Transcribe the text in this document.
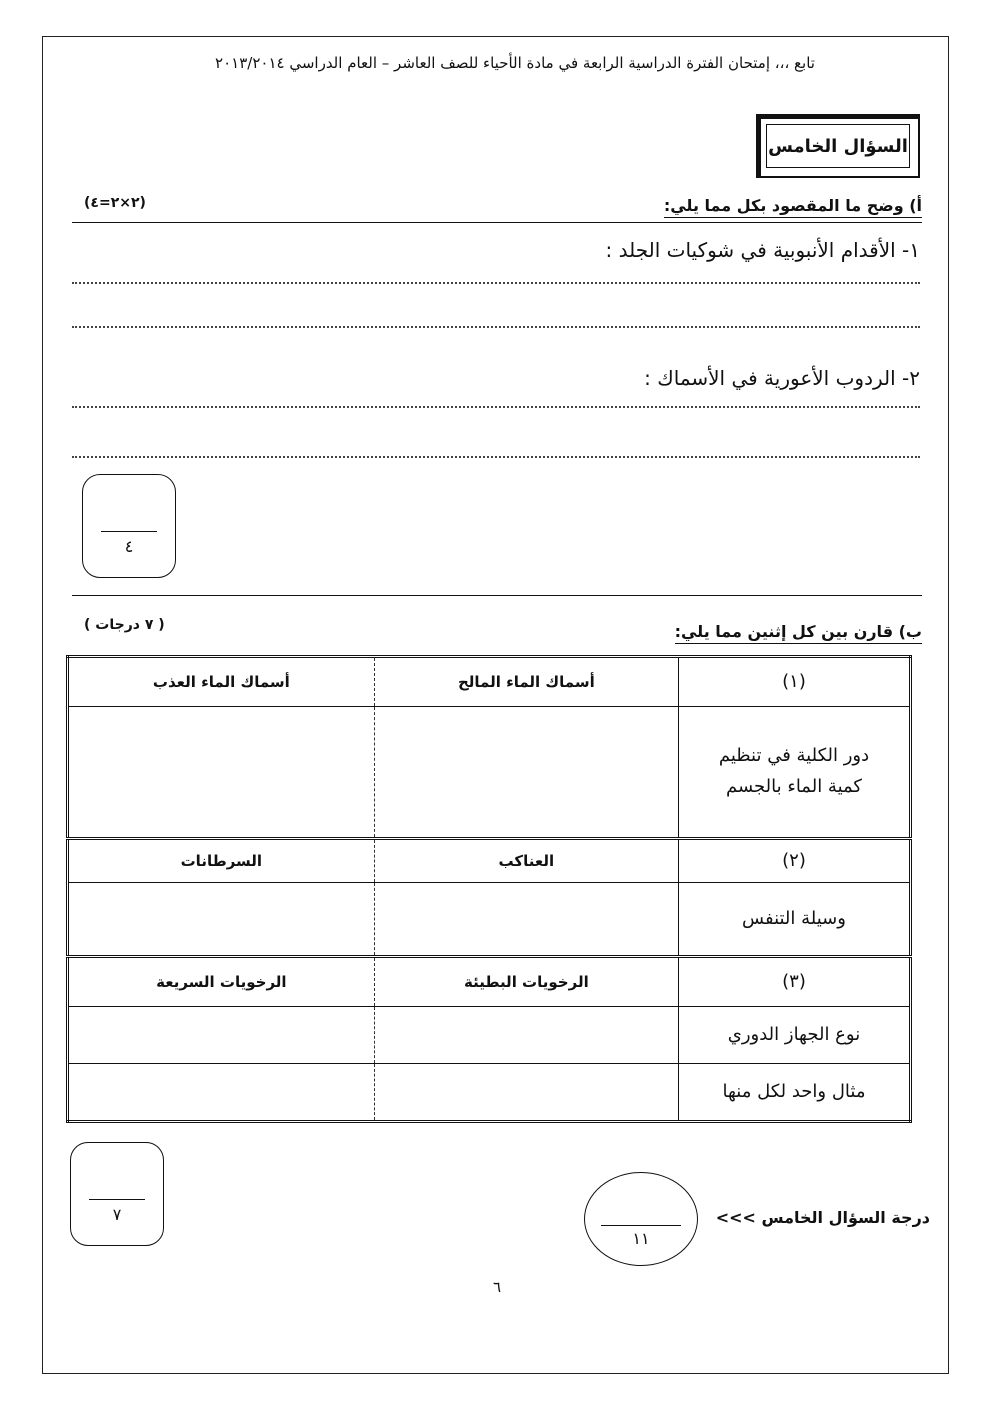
تابع ،،، إمتحان الفترة الدراسية الرابعة في مادة الأحياء للصف العاشر – العام الدراسي ٢٠١٣/٢٠١٤
السؤال الخامس
أ) وضح ما المقصود بكل مما يلي:
(٢×٢=٤)
١- الأقدام الأنبوبية في شوكيات الجلد :
٢- الردوب الأعورية في الأسماك :
٤
ب) قارن بين كل إثنين مما يلي:
( ٧ درجات )
(١)	أسماك الماء المالح	أسماك الماء العذب
دور الكلية في تنظيم كمية الماء بالجسم		
(٢)	العناكب	السرطانات
وسيلة التنفس		
(٣)	الرخويات البطيئة	الرخويات السريعة
نوع الجهاز الدوري		
مثال واحد لكل منها		
٧	درجة السؤال الخامس >>>
١١
٦
